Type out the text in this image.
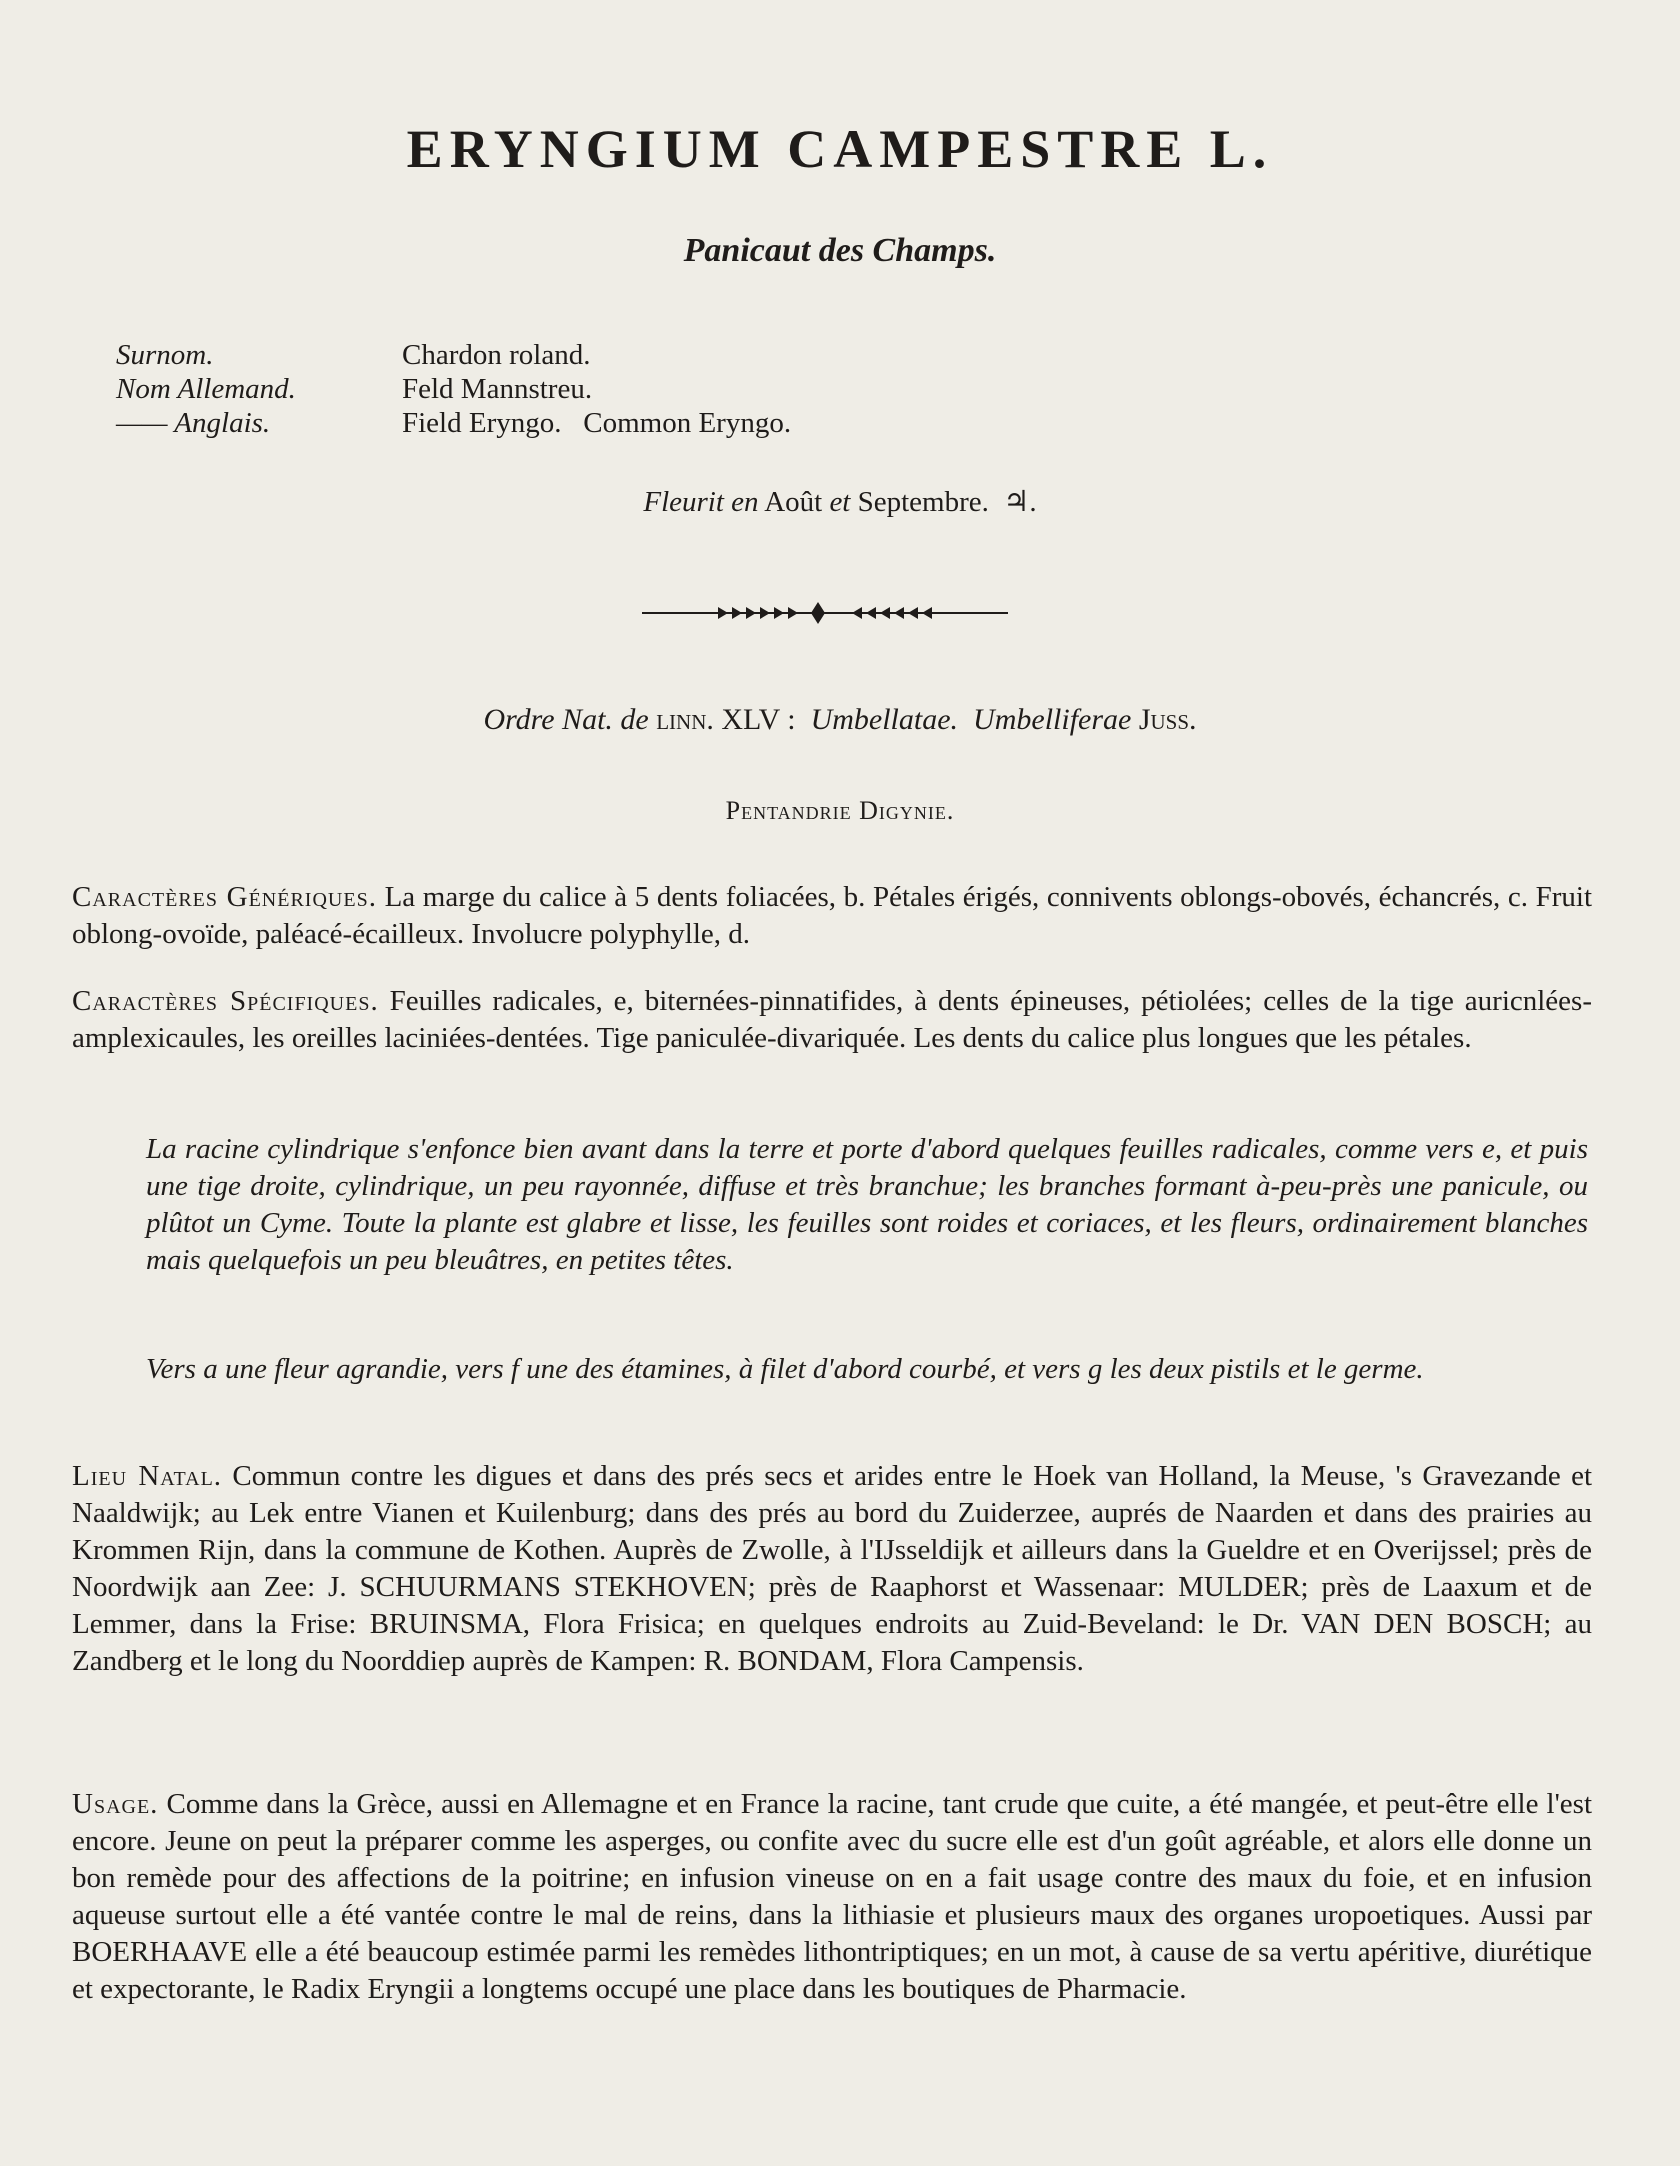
ERYNGIUM CAMPESTRE L.
Panicaut des Champs.
Surnom.	Chardon roland.
Nom Allemand.	Feld Mannstreu.
—— Anglais.	Field Eryngo.   Common Eryngo.
Fleurit en Août et Septembre. ♃.
Ordre Nat. de linn. XLV : Umbellatae. Umbelliferae Juss.
Pentandrie Digynie.
Caractères Génériques. La marge du calice à 5 dents foliacées, b. Pétales érigés, connivents oblongs-obovés, échancrés, c. Fruit oblong-ovoïde, paléacé-écailleux. Involucre polyphylle, d.
Caractères Spécifiques. Feuilles radicales, e, biternées-pinnatifides, à dents épineuses, pétiolées; celles de la tige auricnlées-amplexicaules, les oreilles laciniées-dentées. Tige paniculée-divariquée. Les dents du calice plus longues que les pétales.
La racine cylindrique s'enfonce bien avant dans la terre et porte d'abord quelques feuilles radicales, comme vers e, et puis une tige droite, cylindrique, un peu rayonnée, diffuse et très branchue; les branches formant à-peu-près une panicule, ou plûtot un Cyme. Toute la plante est glabre et lisse, les feuilles sont roides et coriaces, et les fleurs, ordinairement blanches mais quelquefois un peu bleuâtres, en petites têtes.
Vers a une fleur agrandie, vers f une des étamines, à filet d'abord courbé, et vers g les deux pistils et le germe.
Lieu Natal. Commun contre les digues et dans des prés secs et arides entre le Hoek van Holland, la Meuse, 's Gravezande et Naaldwijk; au Lek entre Vianen et Kuilenburg; dans des prés au bord du Zuiderzee, auprés de Naarden et dans des prairies au Krommen Rijn, dans la commune de Kothen. Auprès de Zwolle, à l'IJsseldijk et ailleurs dans la Gueldre et en Overijssel; près de Noordwijk aan Zee: J. SCHUURMANS STEKHOVEN; près de Raaphorst et Wassenaar: MULDER; près de Laaxum et de Lemmer, dans la Frise: BRUINSMA, Flora Frisica; en quelques endroits au Zuid-Beveland: le Dr. VAN DEN BOSCH; au Zandberg et le long du Noorddiep auprès de Kampen: R. BONDAM, Flora Campensis.
Usage. Comme dans la Grèce, aussi en Allemagne et en France la racine, tant crude que cuite, a été mangée, et peut-être elle l'est encore. Jeune on peut la préparer comme les asperges, ou confite avec du sucre elle est d'un goût agréable, et alors elle donne un bon remède pour des affections de la poitrine; en infusion vineuse on en a fait usage contre des maux du foie, et en infusion aqueuse surtout elle a été vantée contre le mal de reins, dans la lithiasie et plusieurs maux des organes uropoetiques. Aussi par BOERHAAVE elle a été beaucoup estimée parmi les remèdes lithontriptiques; en un mot, à cause de sa vertu apéritive, diurétique et expectorante, le Radix Eryngii a longtems occupé une place dans les boutiques de Pharmacie.
